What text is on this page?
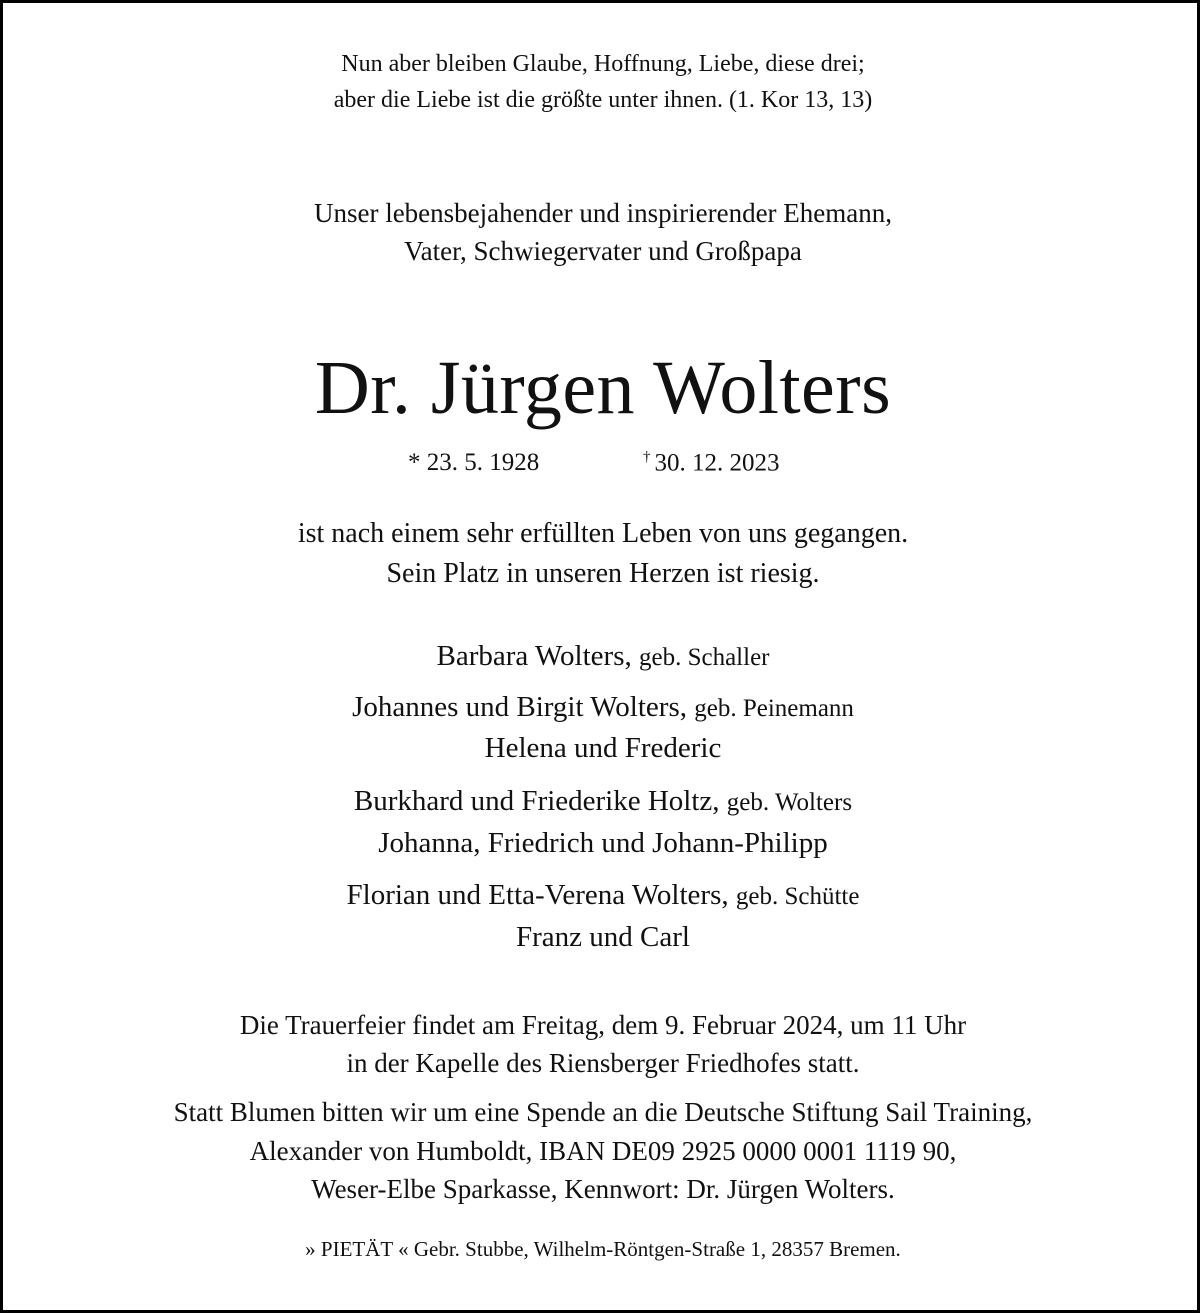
Nun aber bleiben Glaube, Hoffnung, Liebe, diese drei;
aber die Liebe ist die größte unter ihnen. (1. Kor 13, 13)
Unser lebensbejahender und inspirierender Ehemann,
Vater, Schwiegervater und Großpapa
Dr. Jürgen Wolters
* 23. 5. 1928	† 30. 12. 2023
ist nach einem sehr erfüllten Leben von uns gegangen.
Sein Platz in unseren Herzen ist riesig.
Barbara Wolters, geb. Schaller
Johannes und Birgit Wolters, geb. Peinemann
Helena und Frederic
Burkhard und Friederike Holtz, geb. Wolters
Johanna, Friedrich und Johann-Philipp
Florian und Etta-Verena Wolters, geb. Schütte
Franz und Carl
Die Trauerfeier findet am Freitag, dem 9. Februar 2024, um 11 Uhr
in der Kapelle des Riensberger Friedhofes statt.
Statt Blumen bitten wir um eine Spende an die Deutsche Stiftung Sail Training,
Alexander von Humboldt, IBAN DE09 2925 0000 0001 1119 90,
Weser-Elbe Sparkasse, Kennwort: Dr. Jürgen Wolters.
» PIETÄT « Gebr. Stubbe, Wilhelm-Röntgen-Straße 1, 28357 Bremen.
